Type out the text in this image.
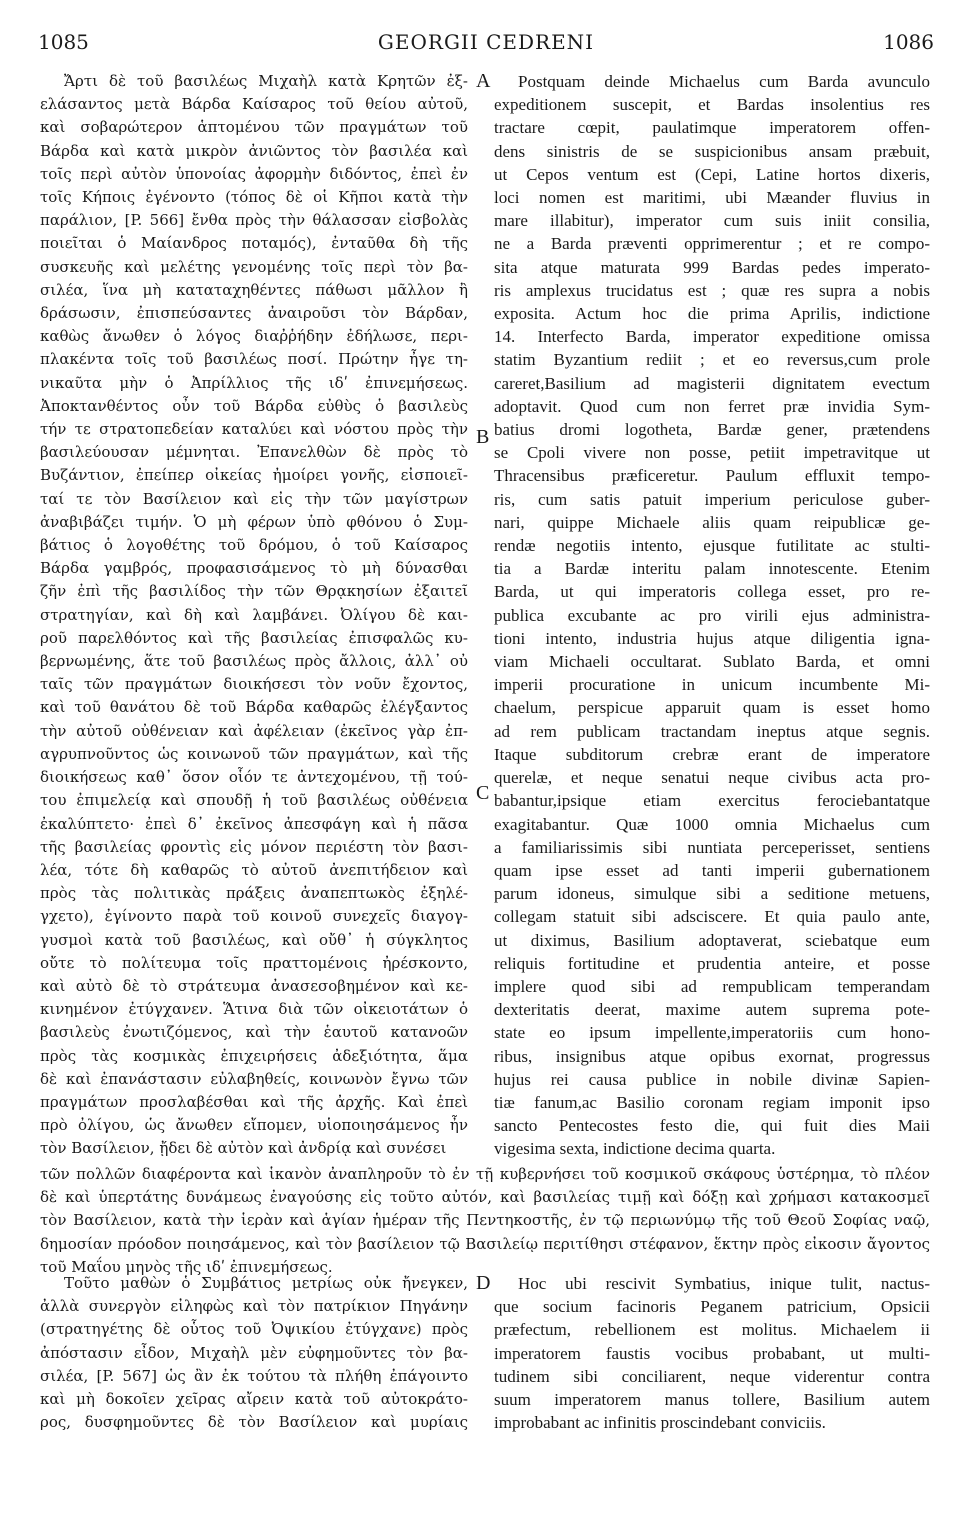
1085	GEORGII CEDRENI	1086
Ἄρτι δὲ τοῦ βασιλέως Μιχαὴλ κατὰ Κρητῶν ἐξ-
ελάσαντος μετὰ Βάρδα Καίσαρος τοῦ θείου αὐτοῦ,
καὶ σοβαρώτερον ἁπτομένου τῶν πραγμάτων τοῦ
Βάρδα καὶ κατὰ μικρὸν ἀνιῶντος τὸν βασιλέα καὶ
τοῖς περὶ αὐτὸν ὑπονοίας ἀφορμὴν διδόντος, ἐπεὶ ἐν
τοῖς Κήποις ἐγένοντο (τόπος δὲ οἱ Κῆποι κατὰ τὴν
παράλιον, [P. 566] ἔνθα πρὸς τὴν θάλασσαν εἰσβολὰς
ποιεῖται ὁ Μαίανδρος ποταμός), ἐνταῦθα δὴ τῆς
συσκευῆς καὶ μελέτης γενομένης τοῖς περὶ τὸν βα-
σιλέα, ἵνα μὴ καταταχηθέντες πάθωσι μᾶλλον ἢ
δράσωσιν, ἐπισπεύσαντες ἀναιροῦσι τὸν Βάρδαν,
καθὼς ἄνωθεν ὁ λόγος διαῤῥήδην ἐδήλωσε, περι-
πλακέντα τοῖς τοῦ βασιλέως ποσί. Πρώτην ἦγε τη-
νικαῦτα μὴν ὁ Ἀπρίλλιος τῆς ιδʹ ἐπινεμήσεως.
Ἀποκτανθέντος οὖν τοῦ Βάρδα εὐθὺς ὁ βασιλεὺς
τήν τε στρατοπεδείαν καταλύει καὶ νόστου πρὸς τὴν
βασιλεύουσαν μέμνηται. Ἐπανελθὼν δὲ πρὸς τὸ
Βυζάντιον, ἐπείπερ οἰκείας ἠμοίρει γονῆς, εἰσποιεῖ-
ταί τε τὸν Βασίλειον καὶ εἰς τὴν τῶν μαγίστρων
ἀναβιβάζει τιμήν. Ὁ μὴ φέρων ὑπὸ φθόνου ὁ Συμ-
βάτιος ὁ λογοθέτης τοῦ δρόμου, ὁ τοῦ Καίσαρος
Βάρδα γαμβρός, προφασισάμενος τὸ μὴ δύνασθαι
ζῆν ἐπὶ τῆς βασιλίδος τὴν τῶν Θρᾳκησίων ἐξαιτεῖ
στρατηγίαν, καὶ δὴ καὶ λαμβάνει. Ὀλίγου δὲ και-
ροῦ παρελθόντος καὶ τῆς βασιλείας ἐπισφαλῶς κυ-
βερνωμένης, ἅτε τοῦ βασιλέως πρὸς ἄλλοις, ἀλλ᾽ οὐ
ταῖς τῶν πραγμάτων διοικήσεσι τὸν νοῦν ἔχοντος,
καὶ τοῦ θανάτου δὲ τοῦ Βάρδα καθαρῶς ἐλέγξαντος
τὴν αὐτοῦ οὐθένειαν καὶ ἀφέλειαν (ἐκεῖνος γὰρ ἐπ-
αγρυπνοῦντος ὡς κοινωνοῦ τῶν πραγμάτων, καὶ τῆς
διοικήσεως καθ᾽ ὅσον οἷόν τε ἀντεχομένου, τῇ τού-
του ἐπιμελείᾳ καὶ σπουδῇ ἡ τοῦ βασιλέως οὐθένεια
ἐκαλύπτετο· ἐπεὶ δ᾽ ἐκεῖνος ἀπεσφάγη καὶ ἡ πᾶσα
τῆς βασιλείας φροντὶς εἰς μόνον περιέστη τὸν βασι-
λέα, τότε δὴ καθαρῶς τὸ αὐτοῦ ἀνεπιτήδειον καὶ
πρὸς τὰς πολιτικὰς πράξεις ἀναπεπτωκὸς ἐξηλέ-
γχετο), ἐγίνοντο παρὰ τοῦ κοινοῦ συνεχεῖς διαγογ-
γυσμοὶ κατὰ τοῦ βασιλέως, καὶ οὔθ᾽ ἡ σύγκλητος
οὔτε τὸ πολίτευμα τοῖς πραττομένοις ἠρέσκοντο,
καὶ αὐτὸ δὲ τὸ στράτευμα ἀνασεσοβημένον καὶ κε-
κινημένον ἐτύγχανεν. Ἅτινα διὰ τῶν οἰκειοτάτων ὁ
βασιλεὺς ἐνωτιζόμενος, καὶ τὴν ἑαυτοῦ κατανοῶν
πρὸς τὰς κοσμικὰς ἐπιχειρήσεις ἀδεξιότητα, ἅμα
δὲ καὶ ἐπανάστασιν εὐλαβηθείς, κοινωνὸν ἔγνω τῶν
πραγμάτων προσλαβέσθαι καὶ τῆς ἀρχῆς. Καὶ ἐπεὶ
πρὸ ὀλίγου, ὡς ἄνωθεν εἴπομεν, υἱοποιησάμενος ἦν
τὸν Βασίλειον, ᾔδει δὲ αὐτὸν καὶ ἀνδρίᾳ καὶ συνέσει
Postquam deinde Michaelus cum Barda avunculo
expeditionem suscepit, et Bardas insolentius res
tractare cœpit, paulatimque imperatorem offen-
dens sinistris de se suspicionibus ansam præbuit,
ut Cepos ventum est (Cepi, Latine hortos dixeris,
loci nomen est maritimi, ubi Mæander fluvius in
mare illabitur), imperator cum suis iniit consilia,
ne a Barda præventi opprimerentur ; et re compo-
sita atque maturata 999 Bardas pedes imperato-
ris amplexus trucidatus est ; quæ res supra a nobis
exposita. Actum hoc die prima Aprilis, indictione
14. Interfecto Barda, imperator expeditione omissa
statim Byzantium rediit ; et eo reversus,cum prole
careret,Basilium ad magisterii dignitatem evectum
adoptavit. Quod cum non ferret præ invidia Sym-
batius dromi logotheta, Bardæ gener, prætendens
se Cpoli vivere non posse, petiit impetravitque ut
Thracensibus præficeretur. Paulum effluxit tempo-
ris, cum satis patuit imperium periculose guber-
nari, quippe Michaele aliis quam reipublicæ ge-
rendæ negotiis intento, ejusque futilitate ac stulti-
tia a Bardæ interitu palam innotescente. Etenim
Barda, ut qui imperatoris collega esset, pro re-
publica excubante ac pro virili ejus administra-
tioni intento, industria hujus atque diligentia igna-
viam Michaeli occultarat. Sublato Barda, et omni
imperii procuratione in unicum incumbente Mi-
chaelum, perspicue apparuit quam is esset homo
ad rem publicam tractandam ineptus atque segnis.
Itaque subditorum crebræ erant de imperatore
querelæ, et neque senatui neque civibus acta pro-
babantur,ipsique etiam exercitus ferociebantatque
exagitabantur. Quæ 1000 omnia Michaelus cum
a familiarissimis sibi nuntiata perceperisset, sentiens
quam ipse esset ad tanti imperii gubernationem
parum idoneus, simulque sibi a seditione metuens,
collegam statuit sibi adsciscere. Et quia paulo ante,
ut diximus, Basilium adoptaverat, sciebatque eum
reliquis fortitudine et prudentia anteire, et posse
implere quod sibi ad rempublicam temperandam
dexteritatis deerat, maxime autem suprema pote-
state eo ipsum impellente,imperatoriis cum hono-
ribus, insignibus atque opibus exornat, progressus
hujus rei causa publice in nobile divinæ Sapien-
tiæ fanum,ac Basilio coronam regiam imponit ipso
sancto Pentecostes festo die, qui fuit dies Maii
vigesima sexta, indictione decima quarta.
A
B
C
D
τῶν πολλῶν διαφέροντα καὶ ἱκανὸν ἀναπληροῦν τὸ ἐν τῇ κυβερνήσει τοῦ κοσμικοῦ σκάφους ὑστέρημα, τὸ πλέον
δὲ καὶ ὑπερτάτης δυνάμεως ἐναγούσης εἰς τοῦτο αὐτόν, καὶ βασιλείας τιμῇ καὶ δόξῃ καὶ χρήμασι κατακοσμεῖ
τὸν Βασίλειον, κατὰ τὴν ἱερὰν καὶ ἁγίαν ἡμέραν τῆς Πεντηκοστῆς, ἐν τῷ περιωνύμῳ τῆς τοῦ Θεοῦ Σοφίας ναῷ,
δημοσίαν πρόοδον ποιησάμενος, καὶ τὸν βασίλειον τῷ Βασιλείῳ περιτίθησι στέφανον, ἕκτην πρὸς εἰκοσιν ἄγοντος
τοῦ Μαΐου μηνὸς τῆς ιδʹ ἐπινεμήσεως.
Τοῦτο μαθὼν ὁ Συμβάτιος μετρίως οὐκ ἤνεγκεν,
ἀλλὰ συνεργὸν εἰληφὼς καὶ τὸν πατρίκιον Πηγάνην
(στρατηγέτης δὲ οὗτος τοῦ Ὀψικίου ἐτύγχανε) πρὸς
ἀπόστασιν εἶδον, Μιχαὴλ μὲν εὐφημοῦντες τὸν βα-
σιλέα, [P. 567] ὡς ἂν ἐκ τούτου τὰ πλήθη ἐπάγοιντο
καὶ μὴ δοκοῖεν χεῖρας αἴρειν κατὰ τοῦ αὐτοκράτο-
ρος, δυσφημοῦντες δὲ τὸν Βασίλειον καὶ μυρίαις
Hoc ubi rescivit Symbatius, inique tulit, nactus-
que socium facinoris Peganem patricium, Opsicii
præfectum, rebellionem est molitus. Michaelem ii
imperatorem faustis vocibus probabant, ut multi-
tudinem sibi conciliarent, neque viderentur contra
suum imperatorem manus tollere, Basilium autem
improbabant ac infinitis proscindebant conviciis.
